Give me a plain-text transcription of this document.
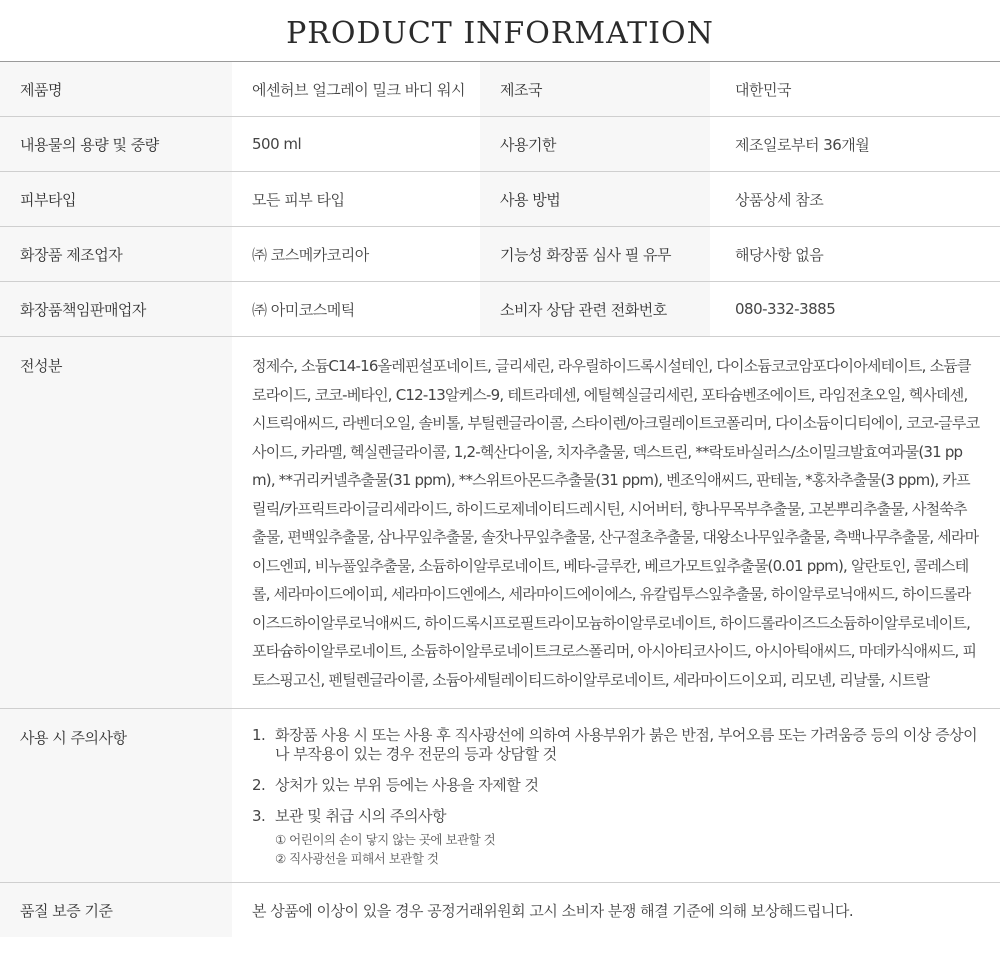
PRODUCT INFORMATION
제품명	에센허브 얼그레이 밀크 바디 워시	제조국	대한민국
내용물의 용량 및 중량	500 ml	사용기한	제조일로부터 36개월
피부타입	모든 피부 타입	사용 방법	상품상세 참조
화장품 제조업자	㈜ 코스메카코리아	기능성 화장품 심사 필 유무	해당사항 없음
화장품책임판매업자	㈜ 아미코스메틱	소비자 상담 관련 전화번호	080-332-3885
전성분	정제수, 소듐C14-16올레핀설포네이트, 글리세린, 라우릴하이드록시설테인, 다이소듐코코암포다이아세테이트, 소듐클로라이드, 코코-베타인, C12-13알케스-9, 테트라데센, 에틸헥실글리세린, 포타슘벤조에이트, 라임전초오일, 헥사데센, 시트릭애씨드, 라벤더오일, 솔비톨, 부틸렌글라이콜, 스타이렌/아크릴레이트코폴리머, 다이소듐이디티에이, 코코-글루코사이드, 카라멜, 헥실렌글라이콜, 1,2-헥산다이올, 치자추출물, 덱스트린, **락토바실러스/소이밀크발효여과물(31 ppm), **귀리커넬추출물(31 ppm), **스위트아몬드추출물(31 ppm), 벤조익애씨드, 판테놀, *홍차추출물(3 ppm), 카프릴릭/카프릭트라이글리세라이드, 하이드로제네이티드레시틴, 시어버터, 향나무목부추출물, 고본뿌리추출물, 사철쑥추출물, 편백잎추출물, 삼나무잎추출물, 솔잣나무잎추출물, 산구절초추출물, 대왕소나무잎추출물, 측백나무추출물, 세라마이드엔피, 비누풀잎추출물, 소듐하이알루로네이트, 베타-글루칸, 베르가모트잎추출물(0.01 ppm), 알란토인, 콜레스테롤, 세라마이드에이피, 세라마이드엔에스, 세라마이드에이에스, 유칼립투스잎추출물, 하이알루로닉애씨드, 하이드롤라이즈드하이알루로닉애씨드, 하이드록시프로필트라이모늄하이알루로네이트, 하이드롤라이즈드소듐하이알루로네이트, 포타슘하이알루로네이트, 소듐하이알루로네이트크로스폴리머, 아시아티코사이드, 아시아틱애씨드, 마데카식애씨드, 피토스핑고신, 펜틸렌글라이콜, 소듐아세틸레이티드하이알루로네이트, 세라마이드이오피, 리모넨, 리날룰, 시트랄
사용 시 주의사항	1. 화장품 사용 시 또는 사용 후 직사광선에 의하여 사용부위가 붉은 반점, 부어오름 또는 가려움증 등의 이상 증상이나 부작용이 있는 경우 전문의 등과 상담할 것
2. 상처가 있는 부위 등에는 사용을 자제할 것
3. 보관 및 취급 시의 주의사항
① 어린이의 손이 닿지 않는 곳에 보관할 것
② 직사광선을 피해서 보관할 것
품질 보증 기준	본 상품에 이상이 있을 경우 공정거래위원회 고시 소비자 분쟁 해결 기준에 의해 보상해드립니다.
